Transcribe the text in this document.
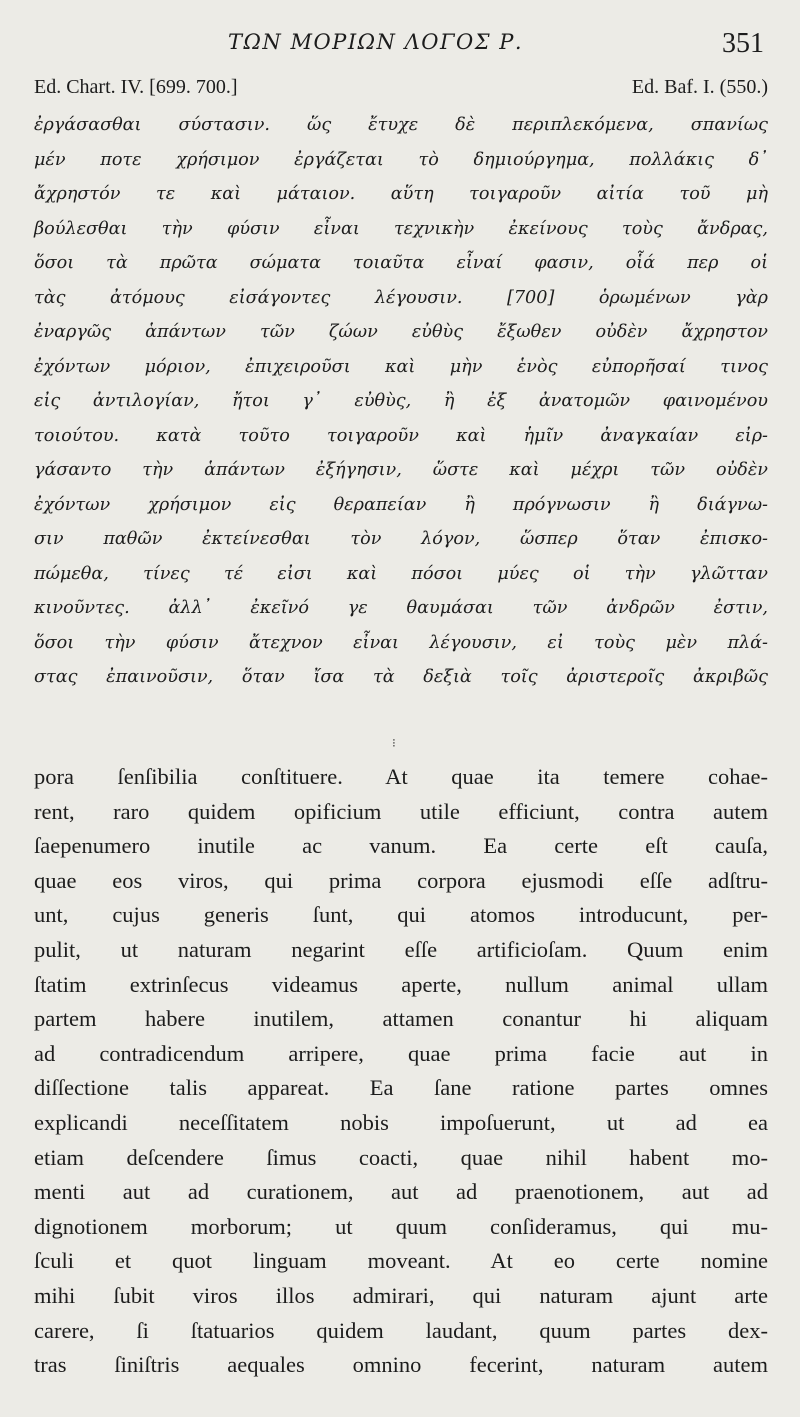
ΤΩΝ ΜΟΡΙΩΝ ΛΟΓΟΣ Ρ.	351
Ed. Chart. IV. [699. 700.]	Ed. Baf. I. (550.)
ἐργάσασθαι σύστασιν. ὥς ἔτυχε δὲ περιπλεκόμενα, σπανίως
μέν ποτε χρήσιμον ἐργάζεται τὸ δημιούργημα, πολλάκις δ᾽
ἄχρηστόν τε καὶ μάταιον. αὕτη τοιγαροῦν αἰτία τοῦ μὴ
βούλεσθαι τὴν φύσιν εἶναι τεχνικὴν ἐκείνους τοὺς ἄνδρας,
ὅσοι τὰ πρῶτα σώματα τοιαῦτα εἶναί φασιν, οἷά περ οἱ
τὰς ἀτόμους εἰσάγοντες λέγουσιν. [700] ὁρωμένων γὰρ
ἐναργῶς ἁπάντων τῶν ζώων εὐθὺς ἔξωθεν οὐδὲν ἄχρηστον
ἐχόντων μόριον, ἐπιχειροῦσι καὶ μὴν ἑνὸς εὐπορῆσαί τινος
εἰς ἀντιλογίαν, ἤτοι γ᾽ εὐθὺς, ἢ ἐξ ἀνατομῶν φαινομένου
τοιούτου. κατὰ τοῦτο τοιγαροῦν καὶ ἡμῖν ἀναγκαίαν εἰρ-
γάσαντο τὴν ἁπάντων ἐξήγησιν, ὥστε καὶ μέχρι τῶν οὐδὲν
ἐχόντων χρήσιμον εἰς θεραπείαν ἢ πρόγνωσιν ἢ διάγνω-
σιν παθῶν ἐκτείνεσθαι τὸν λόγον, ὥσπερ ὅταν ἐπισκο-
πώμεθα, τίνες τέ εἰσι καὶ πόσοι μύες οἱ τὴν γλῶτταν
κινοῦντες. ἀλλ᾽ ἐκεῖνό γε θαυμάσαι τῶν ἀνδρῶν ἐστιν,
ὅσοι τὴν φύσιν ἄτεχνον εἶναι λέγουσιν, εἰ τοὺς μὲν πλά-
στας ἐπαινοῦσιν, ὅταν ἴσα τὰ δεξιὰ τοῖς ἀριστεροῖς ἀκριβῶς
⁝
pora ſenſibilia conſtituere. At quae ita temere cohae-
rent, raro quidem opificium utile efficiunt, contra autem
ſaepenumero inutile ac vanum. Ea certe eſt cauſa,
quae eos viros, qui prima corpora ejusmodi eſſe adſtru-
unt, cujus generis ſunt, qui atomos introducunt, per-
pulit, ut naturam negarint eſſe artificioſam. Quum enim
ſtatim extrinſecus videamus aperte, nullum animal ullam
partem habere inutilem, attamen conantur hi aliquam
ad contradicendum arripere, quae prima facie aut in
diſſectione talis appareat. Ea ſane ratione partes omnes
explicandi neceſſitatem nobis impoſuerunt, ut ad ea
etiam deſcendere ſimus coacti, quae nihil habent mo-
menti aut ad curationem, aut ad praenotionem, aut ad
dignotionem morborum; ut quum conſideramus, qui mu-
ſculi et quot linguam moveant. At eo certe nomine
mihi ſubit viros illos admirari, qui naturam ajunt arte
carere, ſi ſtatuarios quidem laudant, quum partes dex-
tras ſiniſtris aequales omnino fecerint, naturam autem
